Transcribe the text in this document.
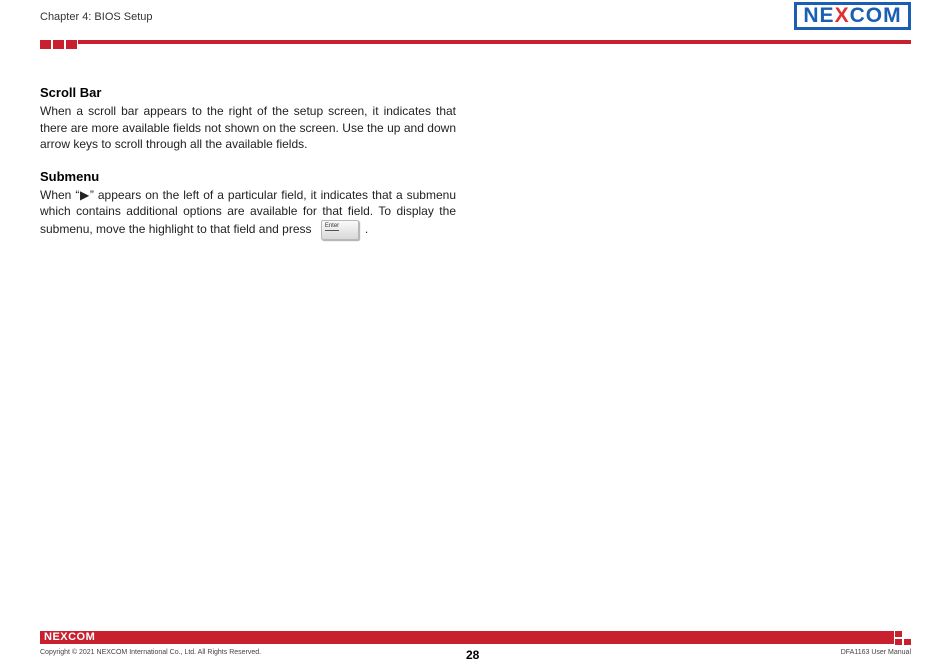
Chapter 4: BIOS Setup	NE X COM
Scroll Bar

When a scroll bar appears to the right of the setup screen, it indicates that there are more available fields not shown on the screen. Use the up and down arrow keys to scroll through all the available fields.

Submenu

When “▶” appears on the left of a particular field, it indicates that a submenu which contains additional options are available for that field. To display the submenu, move the highlight to that field and press Enter .

NEXCOM
Copyright © 2021 NEXCOM International Co., Ltd. All Rights Reserved.	28	DFA1163 User Manual
